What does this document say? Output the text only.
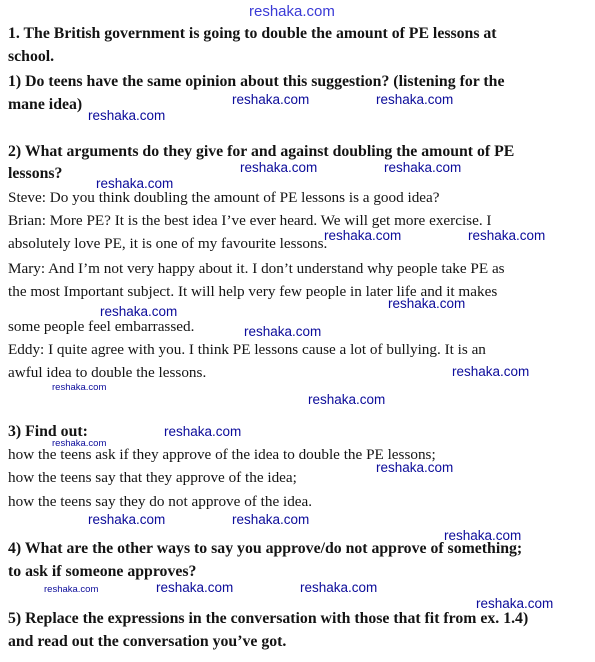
1. The British government is going to double the amount of PE lessons at
school.
1) Do teens have the same opinion about this suggestion? (listening for the
mane idea)
2) What arguments do they give for and against doubling the amount of PE
lessons?
Steve: Do you think doubling the amount of PE lessons is a good idea?
Brian: More PE? It is the best idea I’ve ever heard. We will get more exercise. I
absolutely love PE, it is one of my favourite lessons.
Mary: And I’m not very happy about it. I don’t understand why people take PE as
the most Important subject. It will help very few people in later life and it makes
some people feel embarrassed.
Eddy: I quite agree with you. I think PE lessons cause a lot of bullying. It is an
awful idea to double the lessons.
3) Find out:
how the teens ask if they approve of the idea to double the PE lessons;
how the teens say that they approve of the idea;
how the teens say they do not approve of the idea.
4) What are the other ways to say you approve/do not approve of something;
to ask if someone approves?
5) Replace the expressions in the conversation with those that fit from ex. 1.4)
and read out the conversation you’ve got.
reshaka.com
reshaka.com	reshaka.com
reshaka.com
reshaka.com	reshaka.com
reshaka.com
reshaka.com	reshaka.com
reshaka.com
reshaka.com
reshaka.com
reshaka.com
reshaka.com
reshaka.com
reshaka.com
reshaka.com
reshaka.com
reshaka.com	reshaka.com
reshaka.com
reshaka.com	reshaka.com	reshaka.com
reshaka.com
